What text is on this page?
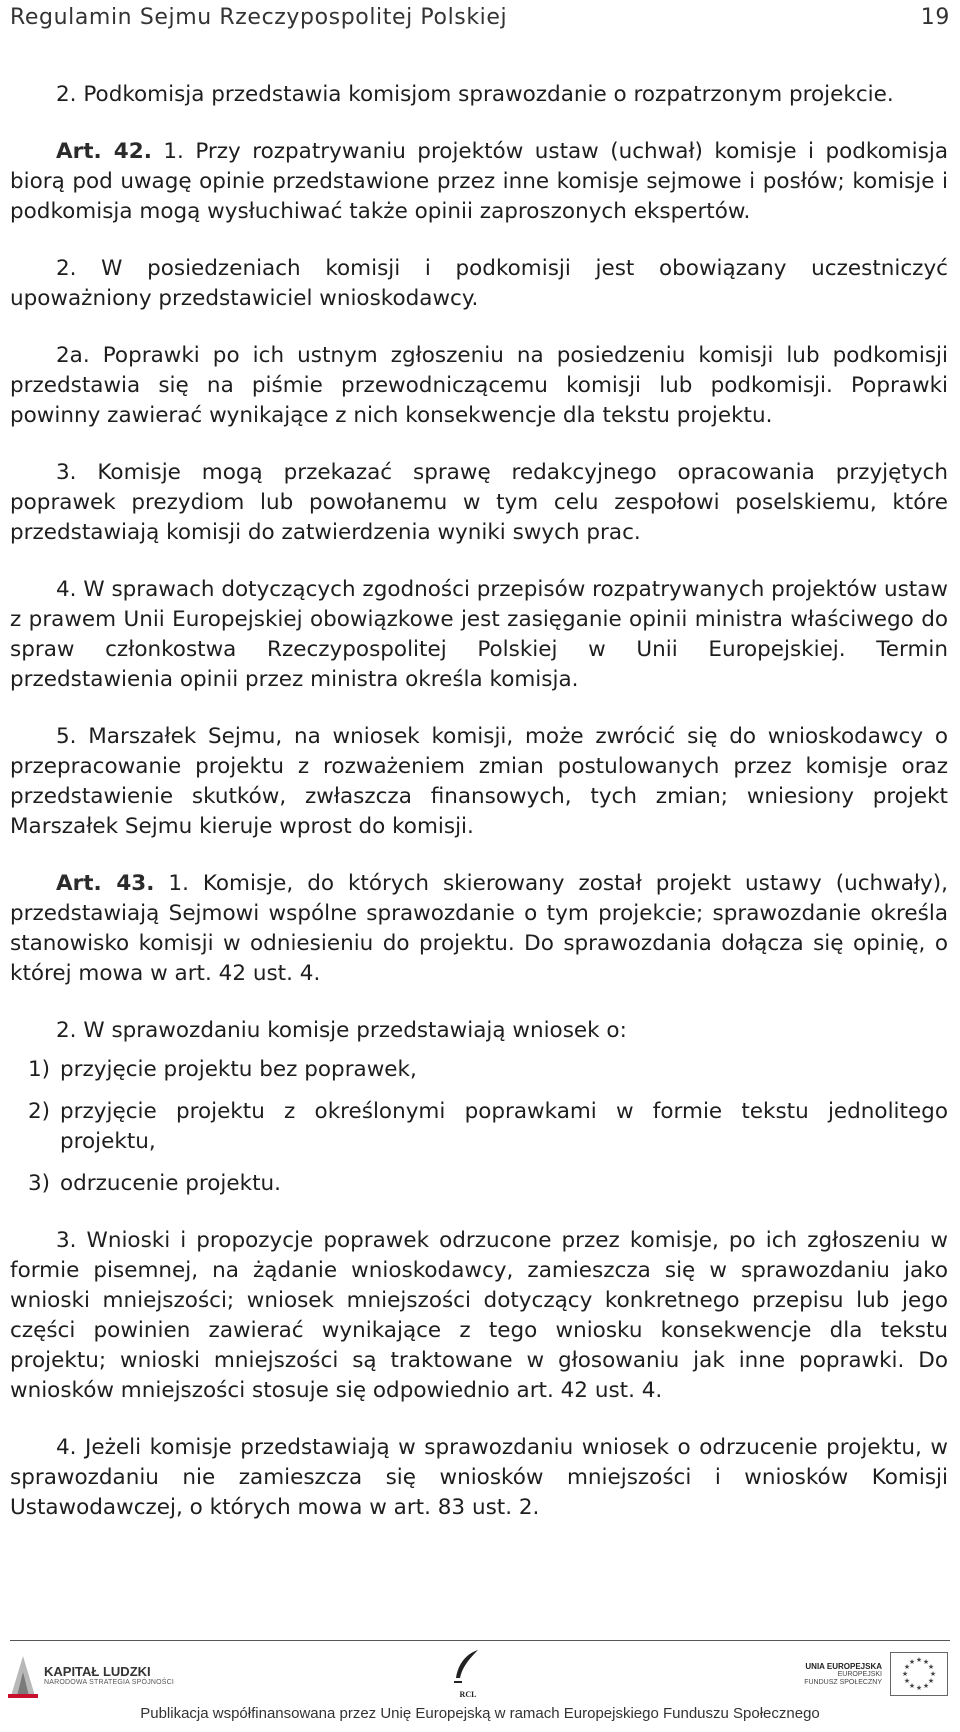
Regulamin Sejmu Rzeczypospolitej Polskiej	19

2. Podkomisja przedstawia komisjom sprawozdanie o rozpatrzonym projekcie.

Art. 42. 1. Przy rozpatrywaniu projektów ustaw (uchwał) komisje i podkomisja biorą pod uwagę opinie przedstawione przez inne komisje sejmowe i posłów; komisje i podkomisja mogą wysłuchiwać także opinii zaproszonych ekspertów.

2. W posiedzeniach komisji i podkomisji jest obowiązany uczestniczyć upoważniony przedstawiciel wnioskodawcy.

2a. Poprawki po ich ustnym zgłoszeniu na posiedzeniu komisji lub podkomisji przedstawia się na piśmie przewodniczącemu komisji lub podkomisji. Poprawki powinny zawierać wynikające z nich konsekwencje dla tekstu projektu.

3. Komisje mogą przekazać sprawę redakcyjnego opracowania przyjętych poprawek prezydiom lub powołanemu w tym celu zespołowi poselskiemu, które przedstawiają komisji do zatwierdzenia wyniki swych prac.

4. W sprawach dotyczących zgodności przepisów rozpatrywanych projektów ustaw z prawem Unii Europejskiej obowiązkowe jest zasięganie opinii ministra właściwego do spraw członkostwa Rzeczypospolitej Polskiej w Unii Europejskiej. Termin przedstawienia opinii przez ministra określa komisja.

5. Marszałek Sejmu, na wniosek komisji, może zwrócić się do wnioskodawcy o przepracowanie projektu z rozważeniem zmian postulowanych przez komisje oraz przedstawienie skutków, zwłaszcza finansowych, tych zmian; wniesiony projekt Marszałek Sejmu kieruje wprost do komisji.

Art. 43. 1. Komisje, do których skierowany został projekt ustawy (uchwały), przedstawiają Sejmowi wspólne sprawozdanie o tym projekcie; sprawozdanie określa stanowisko komisji w odniesieniu do projektu. Do sprawozdania dołącza się opinię, o której mowa w art. 42 ust. 4.

2. W sprawozdaniu komisje przedstawiają wniosek o:

1) przyjęcie projektu bez poprawek,
2) przyjęcie projektu z określonymi poprawkami w formie tekstu jednolitego projektu,
3) odrzucenie projektu.

3. Wnioski i propozycje poprawek odrzucone przez komisje, po ich zgłoszeniu w formie pisemnej, na żądanie wnioskodawcy, zamieszcza się w sprawozdaniu jako wnioski mniejszości; wniosek mniejszości dotyczący konkretnego przepisu lub jego części powinien zawierać wynikające z tego wniosku konsekwencje dla tekstu projektu; wnioski mniejszości są traktowane w głosowaniu jak inne poprawki. Do wniosków mniejszości stosuje się odpowiednio art. 42 ust. 4.

4. Jeżeli komisje przedstawiają w sprawozdaniu wniosek o odrzucenie projektu, w sprawozdaniu nie zamieszcza się wniosków mniejszości i wniosków Komisji Ustawodawczej, o których mowa w art. 83 ust. 2.

KAPITAŁ LUDZKI
NARODOWA STRATEGIA SPÓJNOŚCI
RCL
UNIA EUROPEJSKA
EUROPEJSKI
FUNDUSZ SPOŁECZNY
★ ★
★
★
★
★
★
★
★
★
★
★
Publikacja współfinansowana przez Unię Europejską w ramach Europejskiego Funduszu Społecznego
